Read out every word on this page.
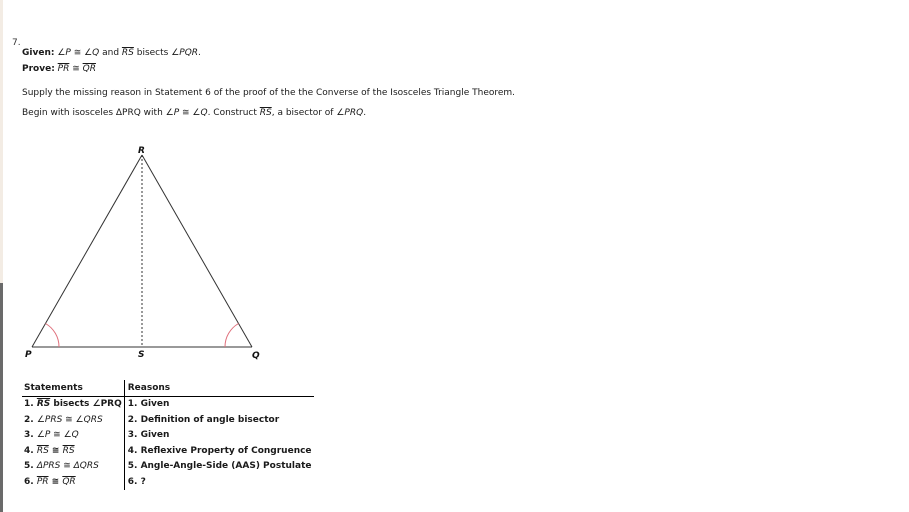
7.
Given: ∠P ≅ ∠Q and $\overline{RS}$ bisects ∠PQR.
Prove: $\overline{PR}$ ≅ $\overline{QR}$
Supply the missing reason in Statement 6 of the proof of the the Converse of the Isosceles Triangle Theorem.
Begin with isosceles ΔPRQ with ∠P ≅ ∠Q. Construct $\overline{RS}$, a bisector of ∠PRQ.
R
P	S	Q
Statements	Reasons
1. $\overline{RS}$ bisects ∠PRQ	1. Given
2. ∠PRS ≅ ∠QRS	2. Definition of angle bisector
3. ∠P ≅ ∠Q	3. Given
4. $\overline{RS}$ ≅ $\overline{RS}$	4. Reflexive Property of Congruence
5. ΔPRS ≅ ΔQRS	5. Angle-Angle-Side (AAS) Postulate
6. $\overline{PR}$ ≅ $\overline{QR}$	6. ?
